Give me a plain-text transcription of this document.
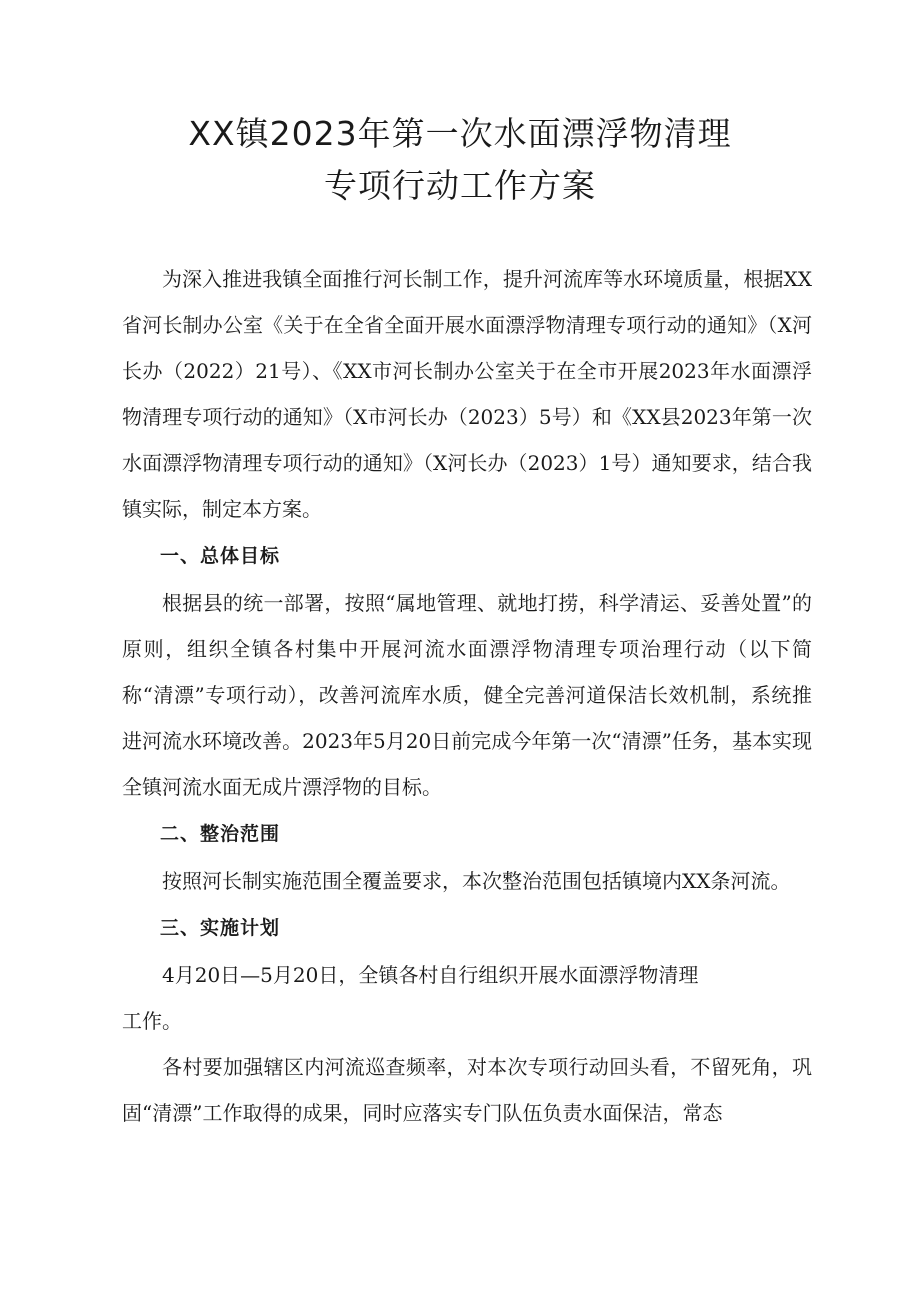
XX镇2023年第一次水面漂浮物清理
专项行动工作方案

为深入推进我镇全面推行河长制工作，提升河流库等水环境质量，根据XX省河长制办公室《关于在全省全面开展水面漂浮物清理专项行动的通知》（X河长办（2022）21号）、《XX市河长制办公室关于在全市开展2023年水面漂浮物清理专项行动的通知》（X市河长办（2023）5号）和《XX县2023年第一次水面漂浮物清理专项行动的通知》（X河长办（2023）1号）通知要求，结合我镇实际，制定本方案。

一、总体目标

根据县的统一部署，按照“属地管理、就地打捞，科学清运、妥善处置”的原则，组织全镇各村集中开展河流水面漂浮物清理专项治理行动（以下简称“清漂”专项行动），改善河流库水质，健全完善河道保洁长效机制，系统推进河流水环境改善。2023年5月20日前完成今年第一次“清漂”任务，基本实现全镇河流水面无成片漂浮物的目标。

二、整治范围

按照河长制实施范围全覆盖要求，本次整治范围包括镇境内XX条河流。

三、实施计划

4月20日—5月20日，全镇各村自行组织开展水面漂浮物清理工作。

各村要加强辖区内河流巡查频率，对本次专项行动回头看，不留死角，巩固“清漂”工作取得的成果，同时应落实专门队伍负责水面保洁，常态
